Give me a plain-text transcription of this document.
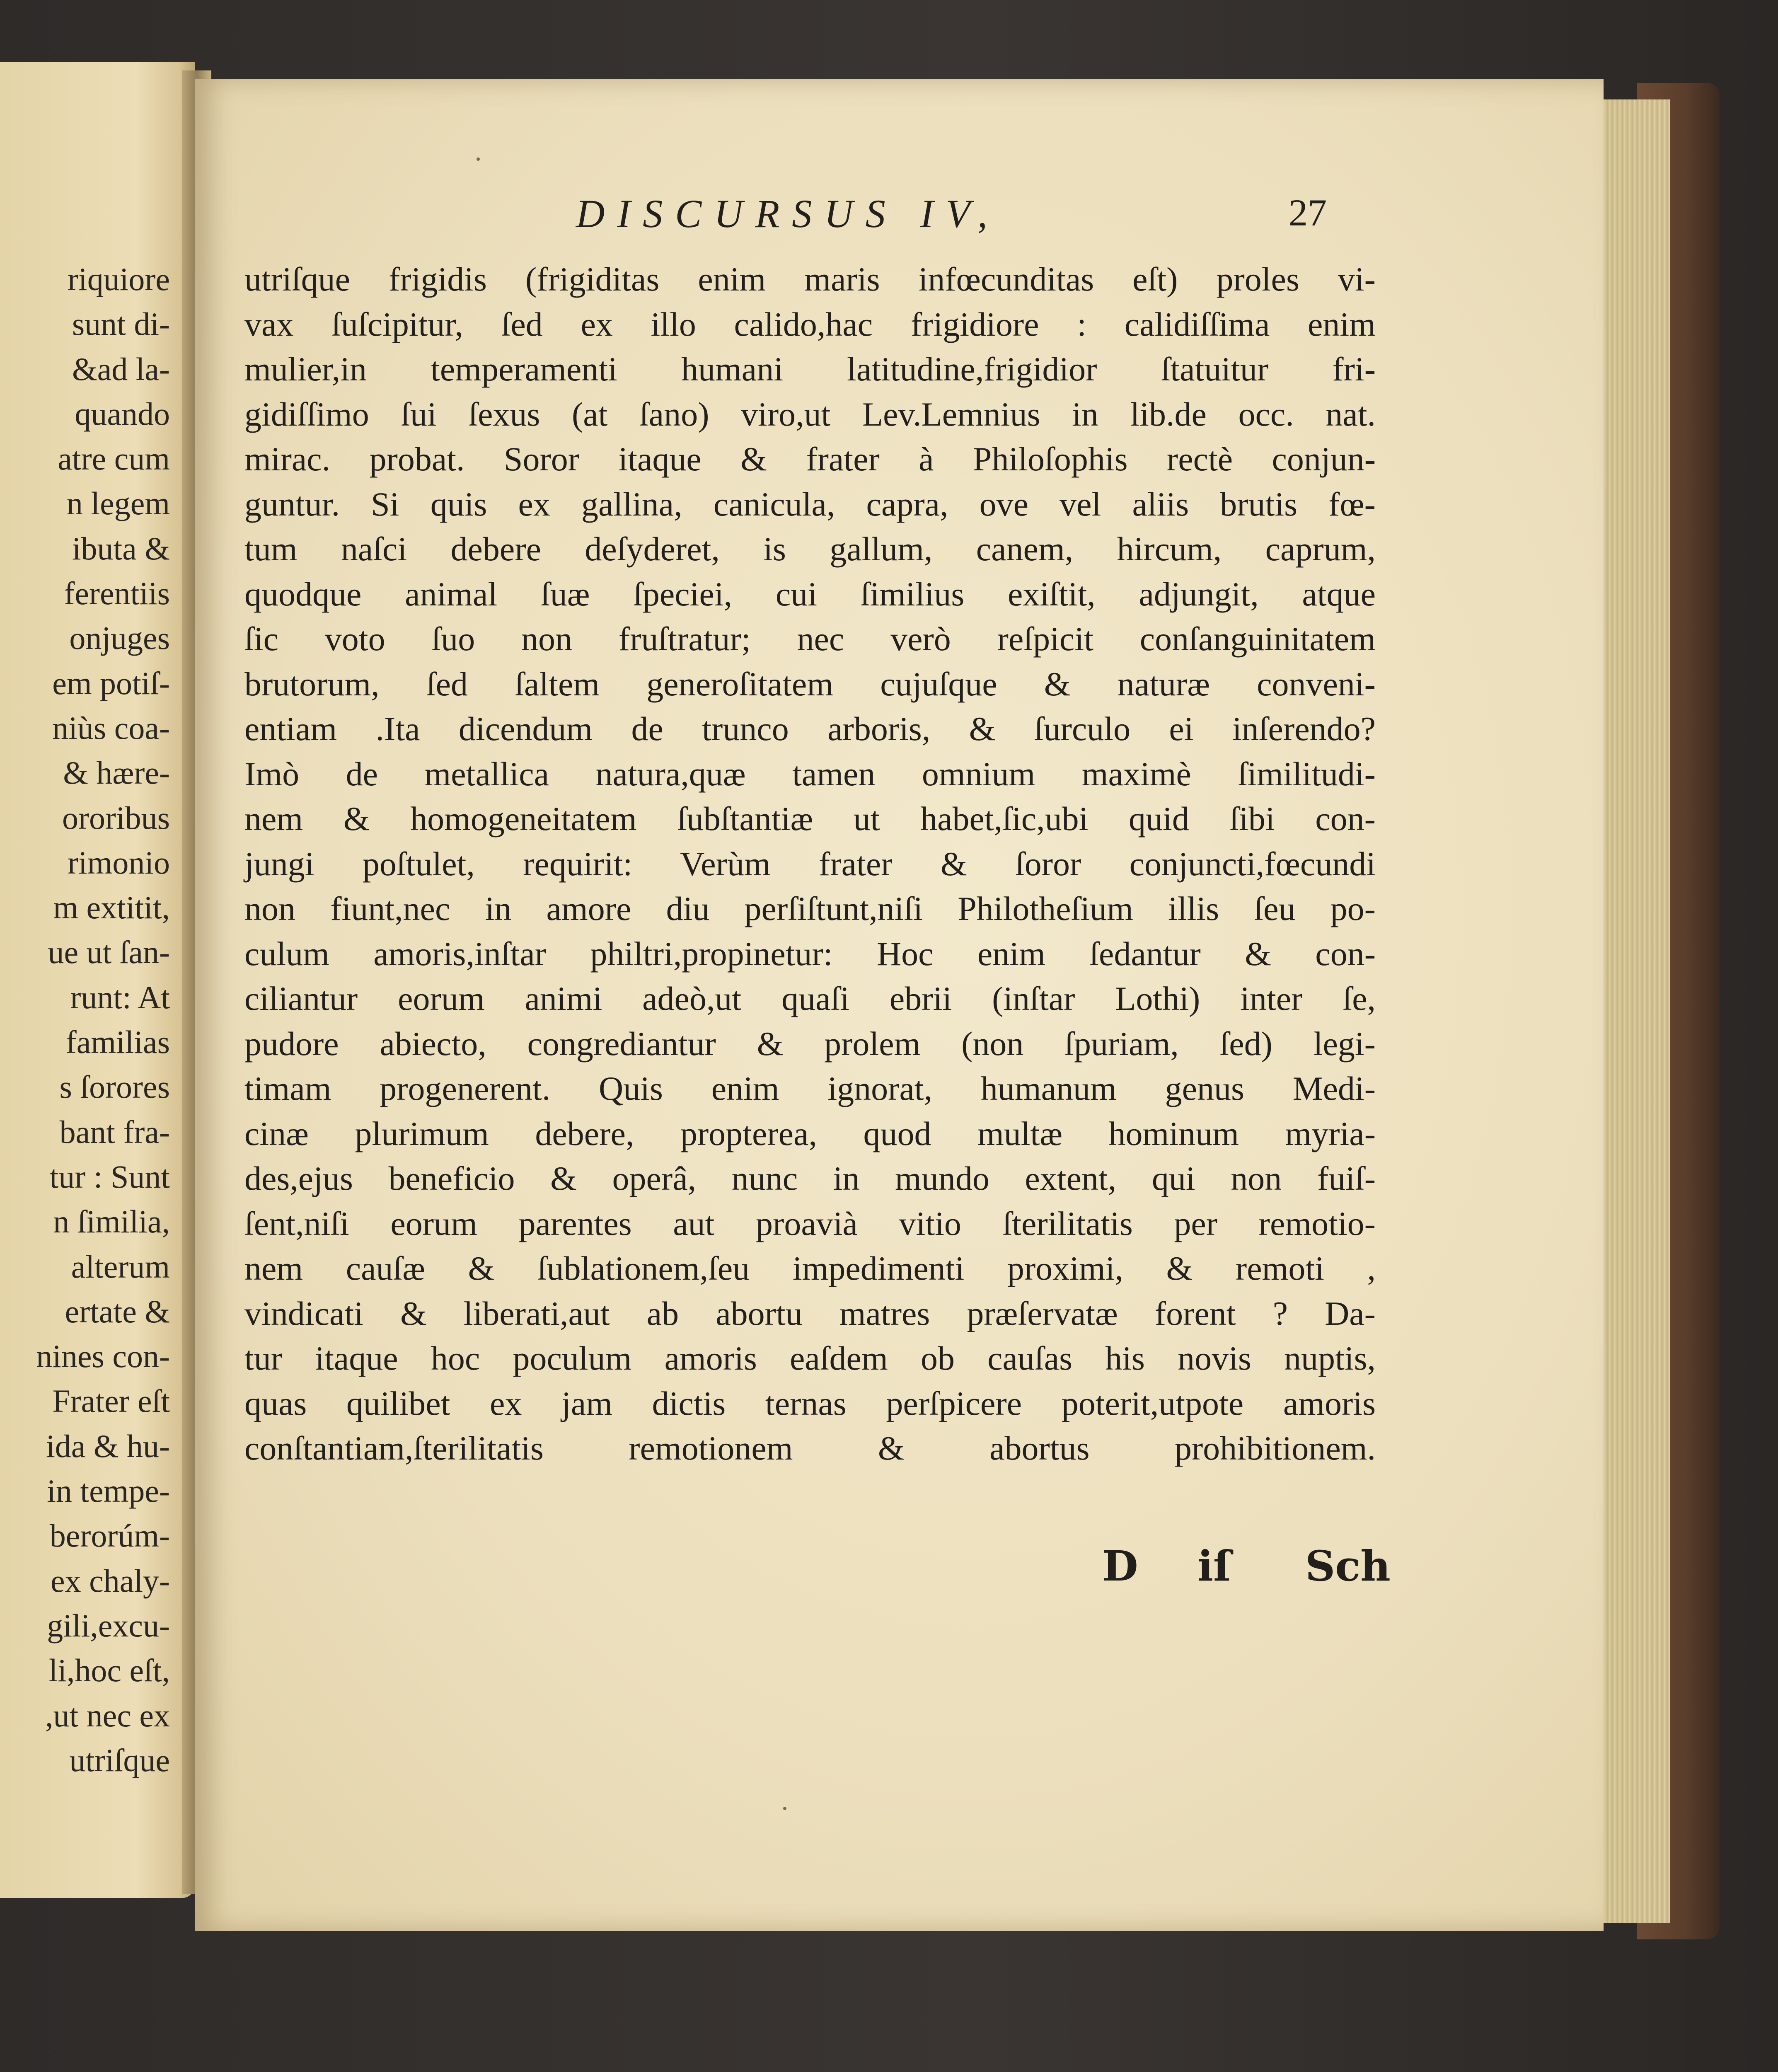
riquiore
sunt di-
&ad la-
quando
atre cum
n legem
ibuta &
ferentiis
onjuges
em potiſ-
niùs coa-
& hære-
ororibus
rimonio
m extitit,
ue ut ſan-
runt: At
familias
s ſorores
bant fra-
tur : Sunt
n ſimilia,
alterum
ertate &
nines con-
Frater eſt
ida & hu-
in tempe-
berorúm-
ex chaly-
gili,excu-
li,hoc eſt,
,ut nec ex
utriſque
DISCURSUS IV,	27
utriſque frigidis (frigiditas enim maris infœcunditas eſt) proles vi-
vax ſuſcipitur, ſed ex illo calido,hac frigidiore : calidiſſima enim
mulier,in temperamenti humani latitudine,frigidior ſtatuitur fri-
gidiſſimo ſui ſexus (at ſano) viro,ut Lev.Lemnius in lib.de occ. nat.
mirac. probat. Soror itaque & frater à Philoſophis rectè conjun-
guntur. Si quis ex gallina, canicula, capra, ove vel aliis brutis fœ-
tum naſci debere deſyderet, is gallum, canem, hircum, caprum,
quodque animal ſuæ ſpeciei, cui ſimilius exiſtit, adjungit, atque
ſic voto ſuo non fruſtratur; nec verò reſpicit conſanguinitatem
brutorum, ſed ſaltem generoſitatem cujuſque & naturæ conveni-
entiam .Ita dicendum de trunco arboris, & ſurculo ei inſerendo?
Imò de metallica natura,quæ tamen omnium maximè ſimilitudi-
nem & homogeneitatem ſubſtantiæ ut habet,ſic,ubi quid ſibi con-
jungi poſtulet, requirit: Verùm frater & ſoror conjuncti,fœcundi
non fiunt,nec in amore diu perſiſtunt,niſi Philotheſium illis ſeu po-
culum amoris,inſtar philtri,propinetur: Hoc enim ſedantur & con-
ciliantur eorum animi adeò,ut quaſi ebrii (inſtar Lothi) inter ſe,
pudore abiecto, congrediantur & prolem (non ſpuriam, ſed) legi-
timam progenerent. Quis enim ignorat, humanum genus Medi-
cinæ plurimum debere, propterea, quod multæ hominum myria-
des,ejus beneficio & operâ, nunc in mundo extent, qui non fuiſ-
ſent,niſi eorum parentes aut proavià vitio ſterilitatis per remotio-
nem cauſæ & ſublationem,ſeu impedimenti proximi, & remoti ,
vindicati & liberati,aut ab abortu matres præſervatæ forent ? Da-
tur itaque hoc poculum amoris eaſdem ob cauſas his novis nuptis,
quas quilibet ex jam dictis ternas perſpicere poterit,utpote amoris
conſtantiam,ſterilitatis remotionem & abortus prohibitionem.
D iſ Sch
